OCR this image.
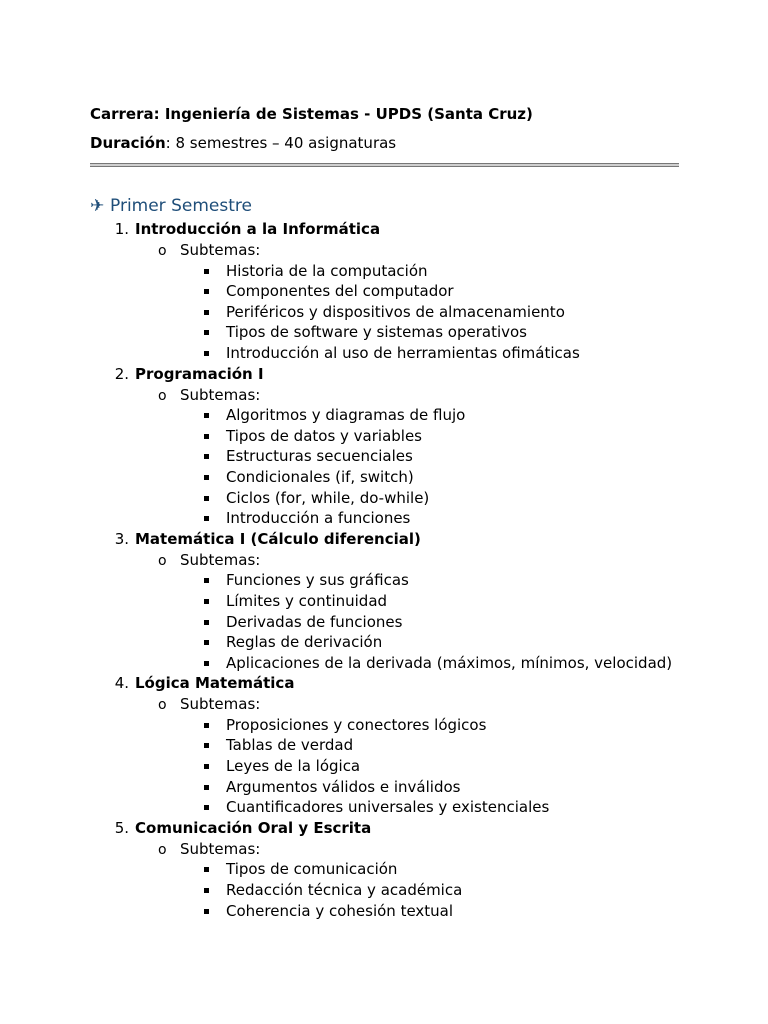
Carrera: Ingeniería de Sistemas - UPDS (Santa Cruz)
Duración: 8 semestres – 40 asignaturas
✈ Primer Semestre
1. Introducción a la Informática
o Subtemas:
Historia de la computación
Componentes del computador
Periféricos y dispositivos de almacenamiento
Tipos de software y sistemas operativos
Introducción al uso de herramientas ofimáticas
2. Programación I
o Subtemas:
Algoritmos y diagramas de flujo
Tipos de datos y variables
Estructuras secuenciales
Condicionales (if, switch)
Ciclos (for, while, do-while)
Introducción a funciones
3. Matemática I (Cálculo diferencial)
o Subtemas:
Funciones y sus gráficas
Límites y continuidad
Derivadas de funciones
Reglas de derivación
Aplicaciones de la derivada (máximos, mínimos, velocidad)
4. Lógica Matemática
o Subtemas:
Proposiciones y conectores lógicos
Tablas de verdad
Leyes de la lógica
Argumentos válidos e inválidos
Cuantificadores universales y existenciales
5. Comunicación Oral y Escrita
o Subtemas:
Tipos de comunicación
Redacción técnica y académica
Coherencia y cohesión textual
